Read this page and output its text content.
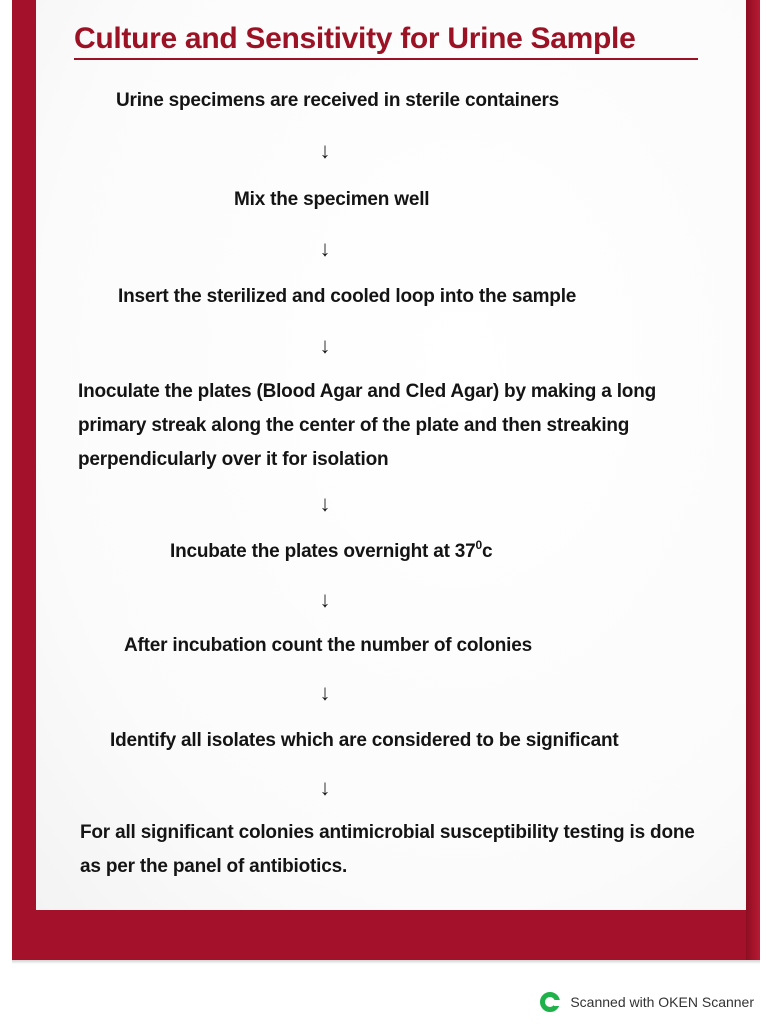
Culture and Sensitivity for Urine Sample
Urine specimens are received in sterile containers
↓
Mix the specimen well
↓
Insert the sterilized and cooled loop into the sample
↓
Inoculate the plates (Blood Agar and Cled Agar) by making a long
primary streak along the center of the plate and then streaking
perpendicularly over it for isolation
↓
Incubate the plates overnight at $37^0c$
↓
After incubation count the number of colonies
↓
Identify all isolates which are considered to be significant
↓
For all significant colonies antimicrobial susceptibility testing is done
as per the panel of antibiotics.
Scanned with OKEN Scanner
